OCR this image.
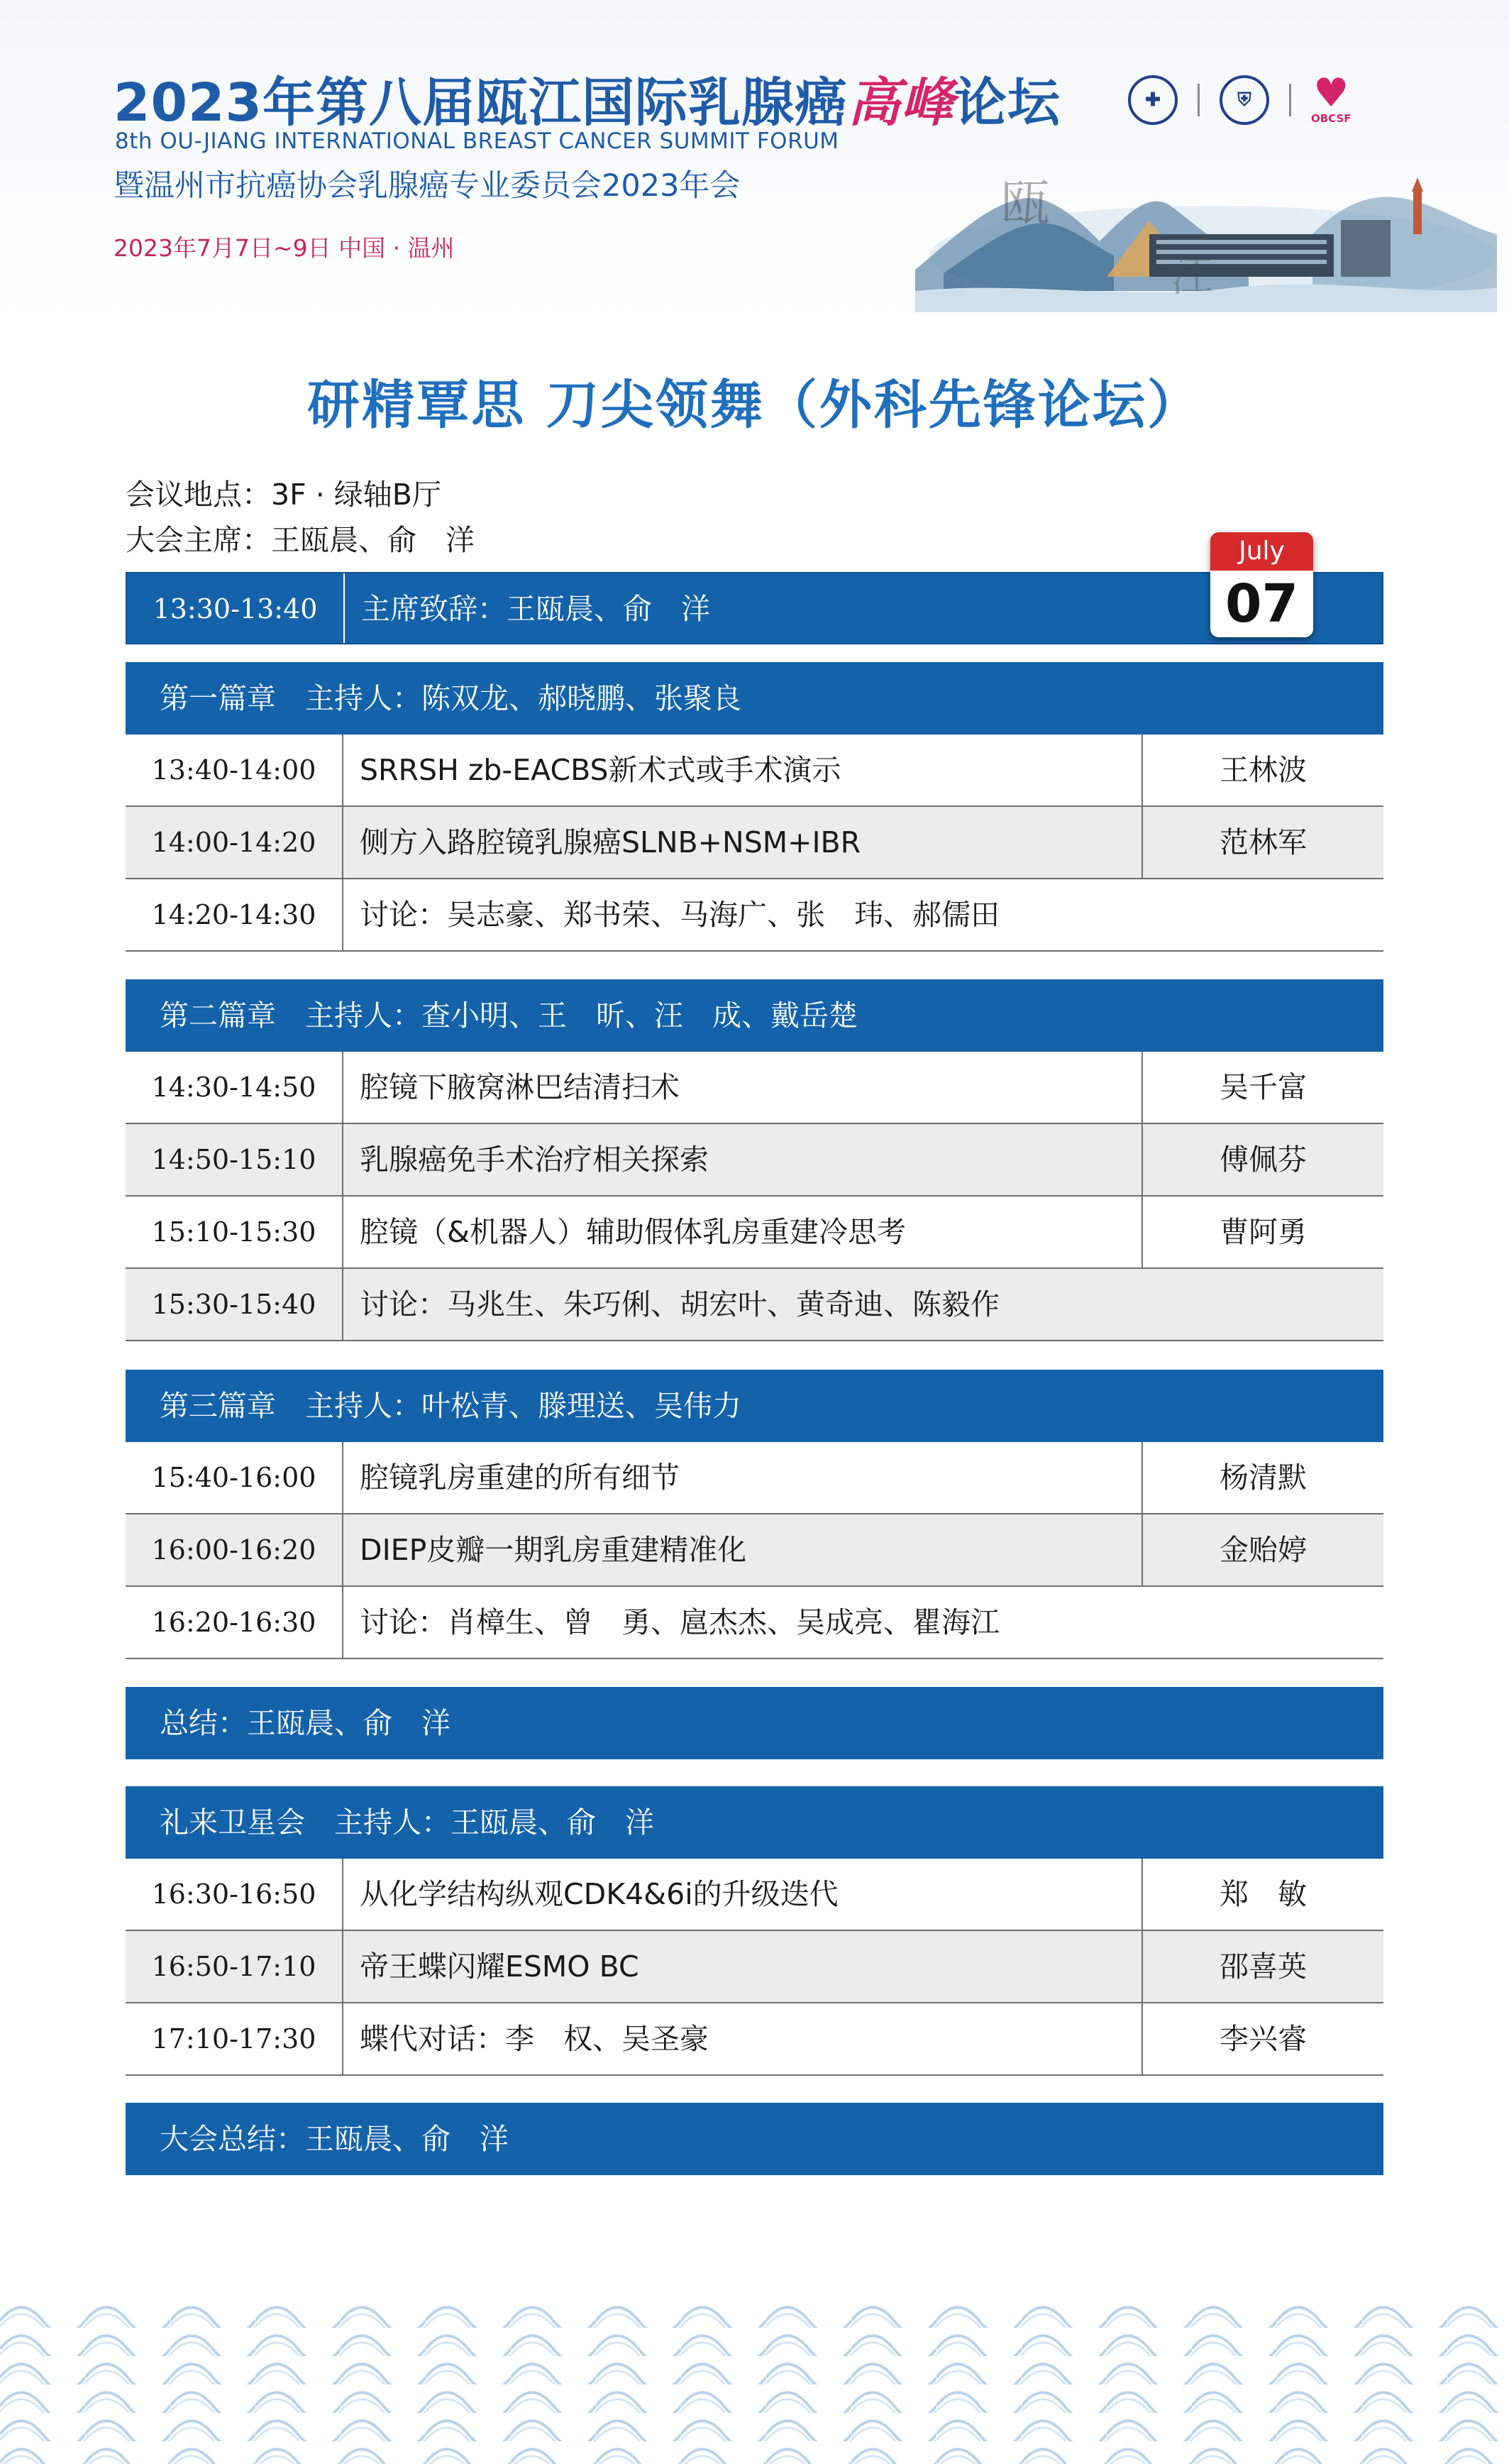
2023年第八届瓯江国际乳腺癌高峰论坛
8th OU-JIANG INTERNATIONAL BREAST CANCER SUMMIT FORUM
暨温州市抗癌协会乳腺癌专业委员会2023年会
2023年7月7日~9日 中国 · 温州
✚	⛨	♥
OBCSF
瓯
江
研精覃思 刀尖领舞（外科先锋论坛）
会议地点：3F · 绿轴B厅
大会主席：王瓯晨、俞　洋	July
07
13:30-13:40	主席致辞：王瓯晨、俞　洋
第一篇章　主持人：陈双龙、郝晓鹏、张聚良
13:40-14:00	SRRSH zb-EACBS新术式或手术演示	王林波
14:00-14:20	侧方入路腔镜乳腺癌SLNB+NSM+IBR	范林军
14:20-14:30	讨论：吴志豪、郑书荣、马海广、张　玮、郝儒田
第二篇章　主持人：查小明、王　昕、汪　成、戴岳楚
14:30-14:50	腔镜下腋窝淋巴结清扫术	吴千富
14:50-15:10	乳腺癌免手术治疗相关探索	傅佩芬
15:10-15:30	腔镜（&机器人）辅助假体乳房重建冷思考	曹阿勇
15:30-15:40	讨论：马兆生、朱巧俐、胡宏叶、黄奇迪、陈毅作
第三篇章　主持人：叶松青、滕理送、吴伟力
15:40-16:00	腔镜乳房重建的所有细节	杨清默
16:00-16:20	DIEP皮瓣一期乳房重建精准化	金贻婷
16:20-16:30	讨论：肖樟生、曾　勇、扈杰杰、吴成亮、瞿海江
总结：王瓯晨、俞　洋
礼来卫星会　主持人：王瓯晨、俞　洋
16:30-16:50	从化学结构纵观CDK4&6i的升级迭代	郑　敏
16:50-17:10	帝王蝶闪耀ESMO BC	邵喜英
17:10-17:30	蝶代对话：李　权、吴圣豪	李兴睿
大会总结：王瓯晨、俞　洋
